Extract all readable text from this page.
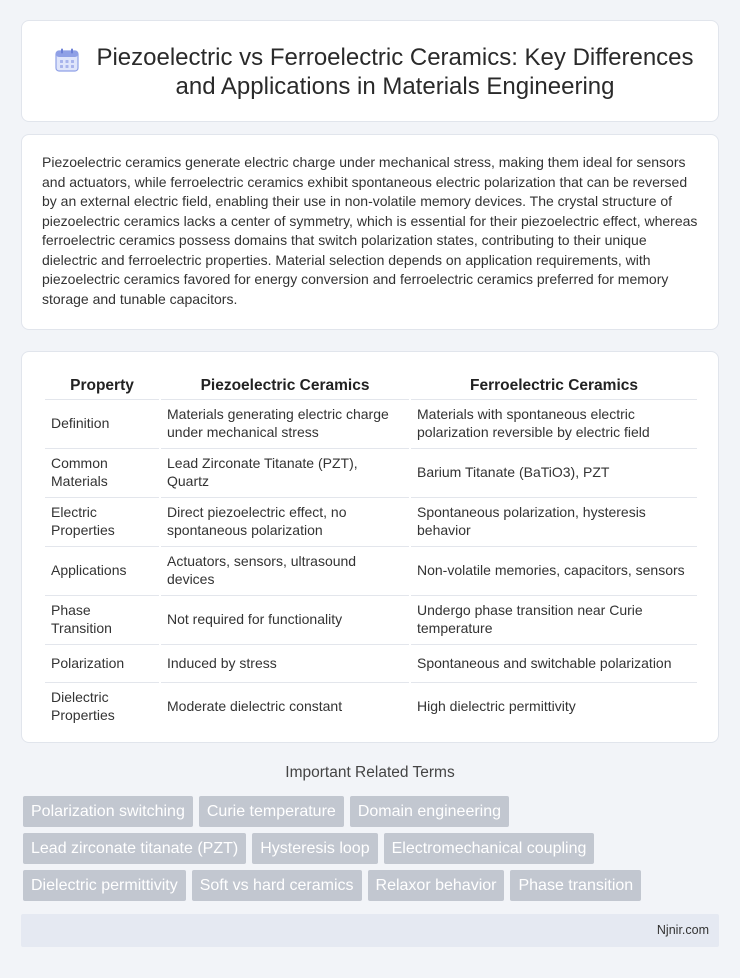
Piezoelectric vs Ferroelectric Ceramics: Key Differences and Applications in Materials Engineering

Piezoelectric ceramics generate electric charge under mechanical stress, making them ideal for sensors and actuators, while ferroelectric ceramics exhibit spontaneous electric polarization that can be reversed by an external electric field, enabling their use in non-volatile memory devices. The crystal structure of piezoelectric ceramics lacks a center of symmetry, which is essential for their piezoelectric effect, whereas ferroelectric ceramics possess domains that switch polarization states, contributing to their unique dielectric and ferroelectric properties. Material selection depends on application requirements, with piezoelectric ceramics favored for energy conversion and ferroelectric ceramics preferred for memory storage and tunable capacitors.

Property	Piezoelectric Ceramics	Ferroelectric Ceramics
Definition	Materials generating electric charge under mechanical stress	Materials with spontaneous electric polarization reversible by electric field
Common Materials	Lead Zirconate Titanate (PZT), Quartz	Barium Titanate (BaTiO3), PZT
Electric Properties	Direct piezoelectric effect, no spontaneous polarization	Spontaneous polarization, hysteresis behavior
Applications	Actuators, sensors, ultrasound devices	Non-volatile memories, capacitors, sensors
Phase Transition	Not required for functionality	Undergo phase transition near Curie temperature
Polarization	Induced by stress	Spontaneous and switchable polarization
Dielectric Properties	Moderate dielectric constant	High dielectric permittivity
Important Related Terms
Polarization switching	Curie temperature	Domain engineering
Lead zirconate titanate (PZT)	Hysteresis loop	Electromechanical coupling
Dielectric permittivity	Soft vs hard ceramics	Relaxor behavior	Phase transition
Njnir.com
